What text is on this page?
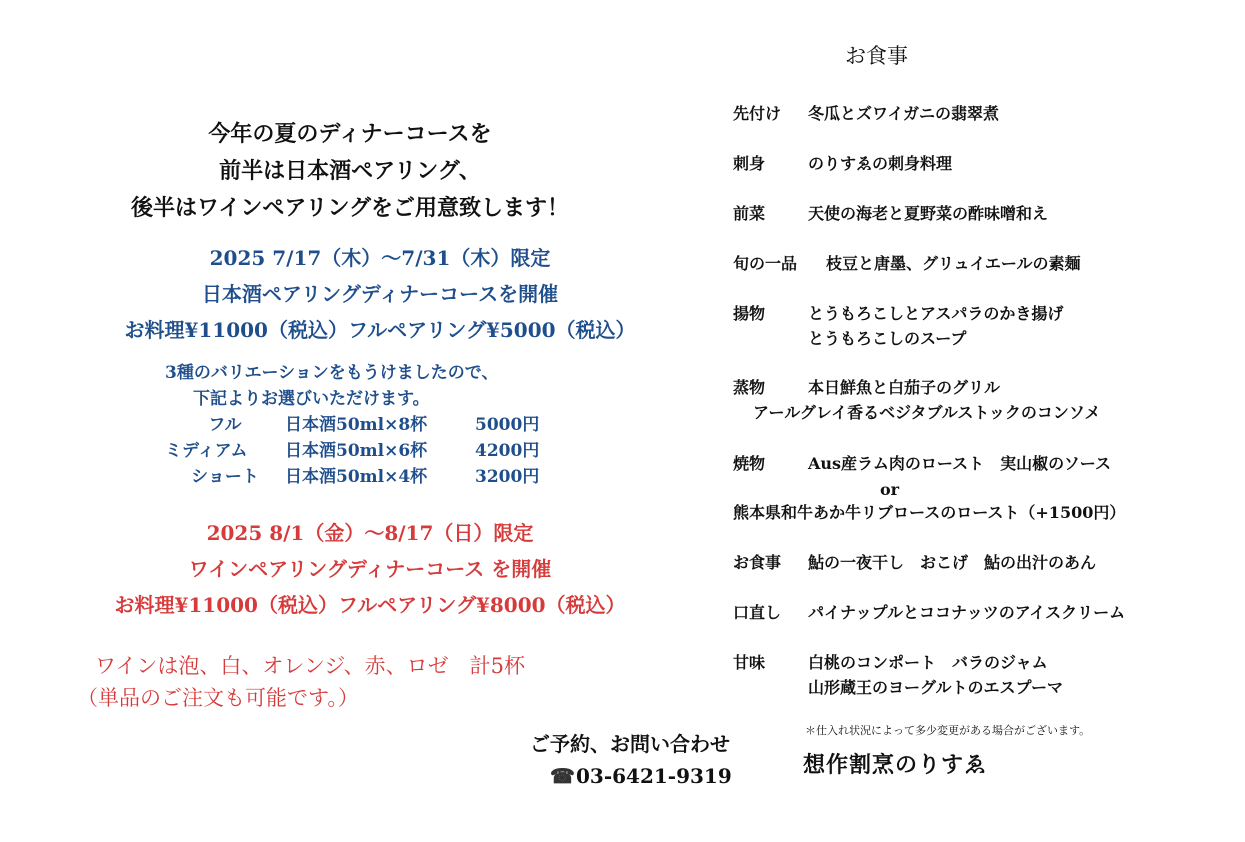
今年の夏のディナーコースを
前半は日本酒ペアリング、
後半はワインペアリングをご用意致します！
2025 7/17（木）〜7/31（木）限定
日本酒ペアリングディナーコースを開催
お料理¥11000（税込）フルペアリング¥5000（税込）
3種のバリエーションをもうけましたので、
下記よりお選びいただけます。
フル	日本酒50ml×8杯	5000円
ミディアム	日本酒50ml×6杯	4200円
ショート	日本酒50ml×4杯	3200円
2025 8/1（金）〜8/17（日）限定
ワインペアリングディナーコース を開催
お料理¥11000（税込）フルペアリング¥8000（税込）
ワインは泡、白、オレンジ、赤、ロゼ　計5杯
（単品のご注文も可能です。）
ご予約、お問い合わせ
☎03-6421-9319
お食事
先付け 冬瓜とズワイガニの翡翠煮
刺身	のりすゑの刺身料理
前菜	天使の海老と夏野菜の酢味噌和え
旬の一品 枝豆と唐墨、グリュイエールの素麺
揚物	とうもろこしとアスパラのかき揚げ
とうもろこしのスープ
蒸物	本日鮮魚と白茄子のグリル
アールグレイ香るベジタブルストックのコンソメ
焼物	Aus産ラム肉のロースト　実山椒のソース
or
熊本県和牛あか牛リブロースのロースト（+1500円）
お食事 鮎の一夜干し　おこげ　鮎の出汁のあん
口直し パイナップルとココナッツのアイスクリーム
甘味	白桃のコンポート　バラのジャム
山形蔵王のヨーグルトのエスプーマ
＊仕入れ状況によって多少変更がある場合がございます。
想作割烹のりすゑ
